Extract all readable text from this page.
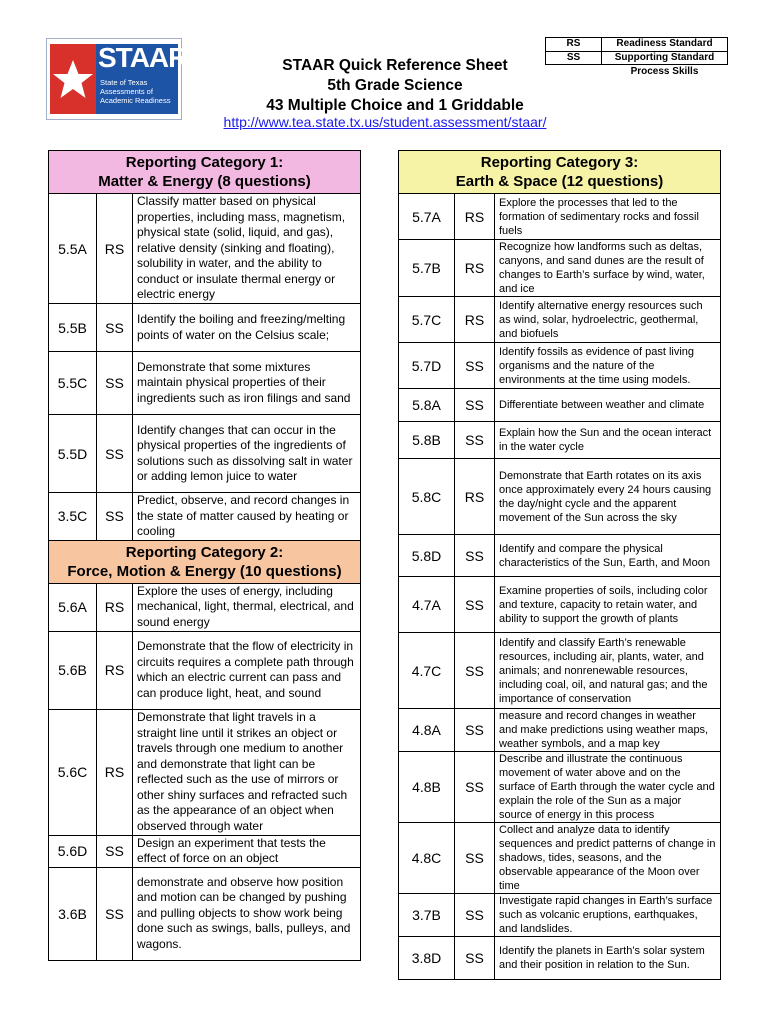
STAAR
State of Texas Assessments of Academic Readiness
STAAR Quick Reference Sheet
5th Grade Science
43 Multiple Choice and 1 Griddable
http://www.tea.state.tx.us/student.assessment/staar/
RS	Readiness Standard
SS	Supporting Standard
	Process Skills
Reporting Category 1:
Matter & Energy (8 questions)		

5.5A	RS	Classify matter based on physical properties, including mass, magnetism, physical state (solid, liquid, and gas), relative density (sinking and floating), solubility in water, and the ability to conduct or insulate thermal energy or electric energy
5.5B	SS	Identify the boiling and freezing/melting points of water on the Celsius scale;
5.5C	SS	Demonstrate that some mixtures maintain physical properties of their ingredients such as iron filings and sand
5.5D	SS	Identify changes that can occur in the physical properties of the ingredients of solutions such as dissolving salt in water or adding lemon juice to water
3.5C	SS	Predict, observe, and record changes in the state of matter caused by heating or cooling

Reporting Category 2:
Force, Motion & Energy (10 questions)		

5.6A	RS	Explore the uses of energy, including mechanical, light, thermal, electrical, and sound energy
5.6B	RS	Demonstrate that the flow of electricity in circuits requires a complete path through which an electric current can pass and can produce light, heat, and sound
5.6C	RS	Demonstrate that light travels in a straight line until it strikes an object or travels through one medium to another and demonstrate that light can be reflected such as the use of mirrors or other shiny surfaces and refracted such as the appearance of an object when observed through water
5.6D	SS	Design an experiment that tests the effect of force on an object
3.6B	SS	demonstrate and observe how position and motion can be changed by pushing and pulling objects to show work being done such as swings, balls, pulleys, and wagons.
Reporting Category 3:
Earth & Space (12 questions)		

5.7A	RS	Explore the processes that led to the formation of sedimentary rocks and fossil fuels
5.7B	RS	Recognize how landforms such as deltas, canyons, and sand dunes are the result of changes to Earth’s surface by wind, water, and ice
5.7C	RS	Identify alternative energy resources such as wind, solar, hydroelectric, geothermal, and biofuels
5.7D	SS	Identify fossils as evidence of past living organisms and the nature of the environments at the time using models.
5.8A	SS	Differentiate between weather and climate
5.8B	SS	Explain how the Sun and the ocean interact in the water cycle
5.8C	RS	Demonstrate that Earth rotates on its axis once approximately every 24 hours causing the day/night cycle and the apparent movement of the Sun across the sky
5.8D	SS	Identify and compare the physical characteristics of the Sun, Earth, and Moon
4.7A	SS	Examine properties of soils, including color and texture, capacity to retain water, and ability to support the growth of plants
4.7C	SS	Identify and classify Earth’s renewable resources, including air, plants, water, and animals; and nonrenewable resources, including coal, oil, and natural gas; and the importance of conservation
4.8A	SS	measure and record changes in weather and make predictions using weather maps, weather symbols, and a map key
4.8B	SS	Describe and illustrate the continuous movement of water above and on the surface of Earth through the water cycle and explain the role of the Sun as a major source of energy in this process
4.8C	SS	Collect and analyze data to identify sequences and predict patterns of change in shadows, tides, seasons, and the observable appearance of the Moon over time
3.7B	SS	Investigate rapid changes in Earth’s surface such as volcanic eruptions, earthquakes, and landslides.
3.8D	SS	Identify the planets in Earth’s solar system and their position in relation to the Sun.
